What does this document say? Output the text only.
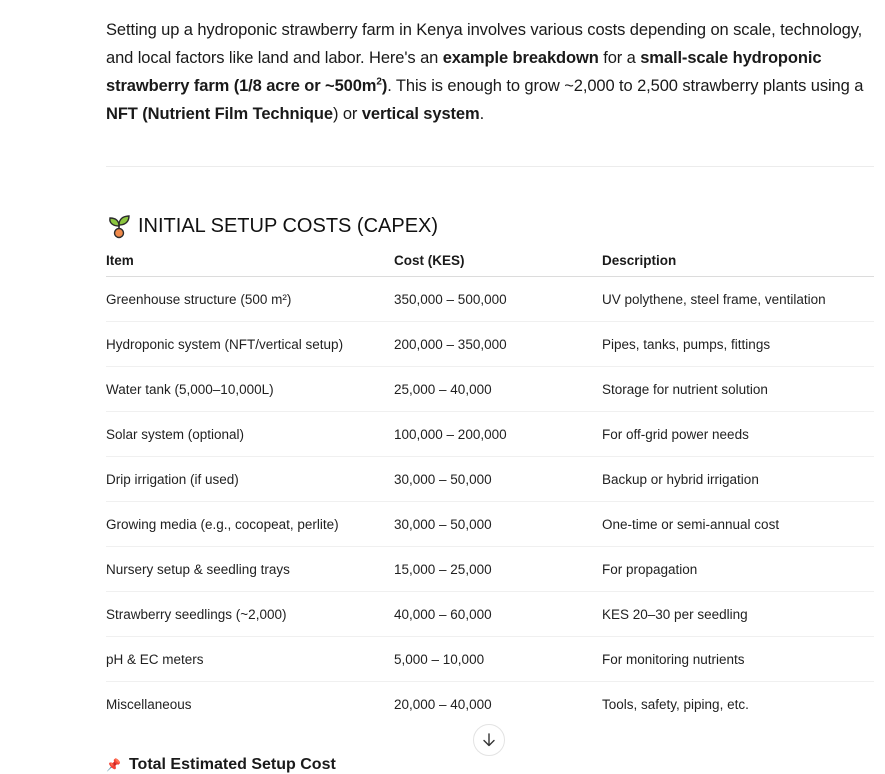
Setting up a hydroponic strawberry farm in Kenya involves various costs depending on scale, technology, and local factors like land and labor. Here's an example breakdown for a small-scale hydroponic strawberry farm (1/8 acre or $\sim 500m^2$). This is enough to grow ~2,000 to 2,500 strawberry plants using a NFT (Nutrient Film Technique) or vertical system.

INITIAL SETUP COSTS (CAPEX)
Item	Cost (KES)	Description
Greenhouse structure (500 m²)	350,000 – 500,000	UV polythene, steel frame, ventilation
Hydroponic system (NFT/vertical setup)	200,000 – 350,000	Pipes, tanks, pumps, fittings
Water tank (5,000–10,000L)	25,000 – 40,000	Storage for nutrient solution
Solar system (optional)	100,000 – 200,000	For off-grid power needs
Drip irrigation (if used)	30,000 – 50,000	Backup or hybrid irrigation
Growing media (e.g., cocopeat, perlite)	30,000 – 50,000	One-time or semi-annual cost
Nursery setup & seedling trays	15,000 – 25,000	For propagation
Strawberry seedlings (~2,000)	40,000 – 60,000	KES 20–30 per seedling
pH & EC meters	5,000 – 10,000	For monitoring nutrients
Miscellaneous	20,000 – 40,000	Tools, safety, piping, etc.
📌 Total Estimated Setup Cost
